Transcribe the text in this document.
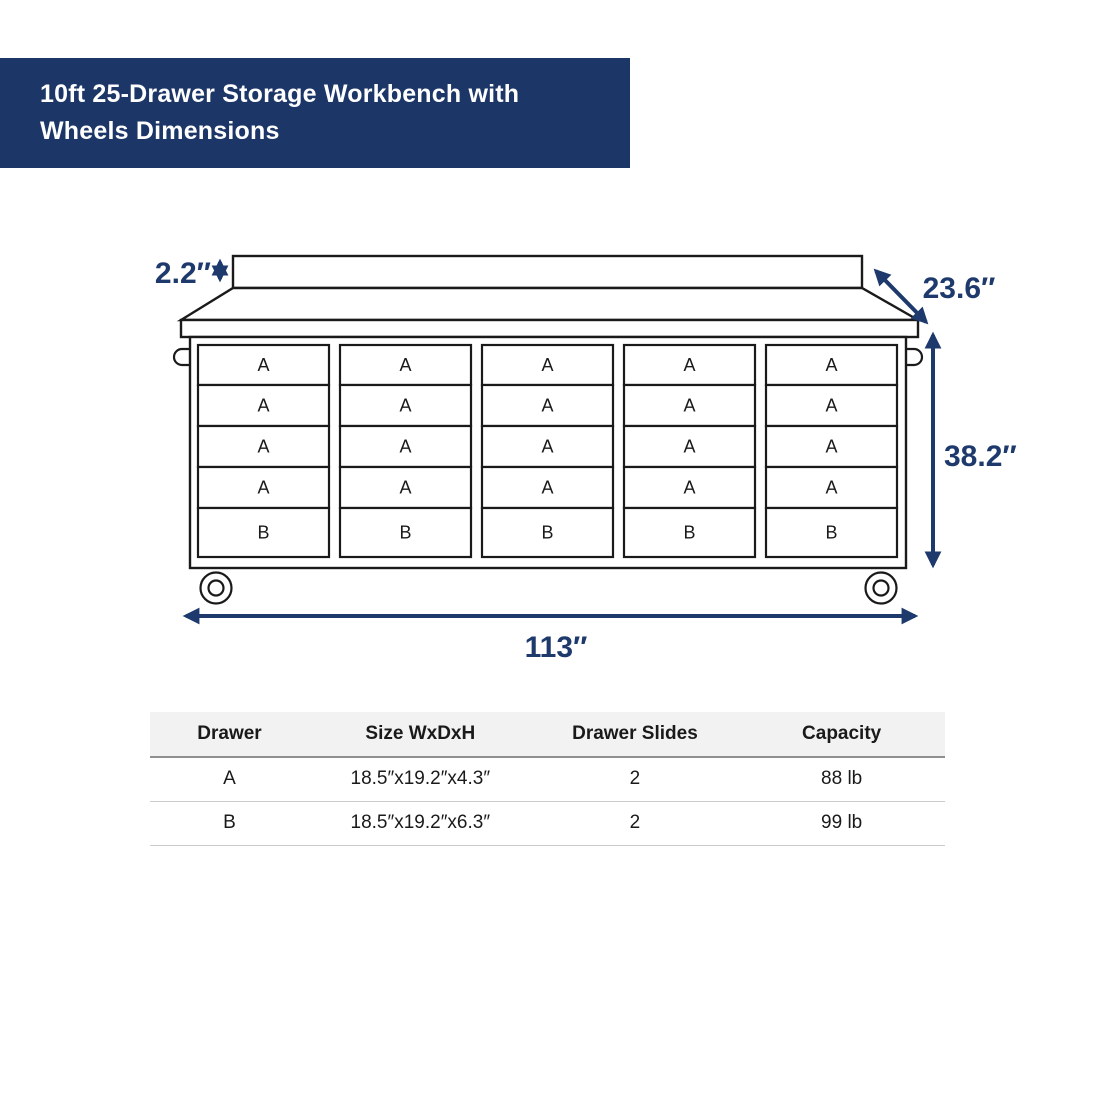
10ft 25-Drawer Storage Workbench with
Wheels Dimensions
A
A
A
A
B
A
A
A
A
B
A
A
A
A
B
A
A
A
A
B
A
A
A
A
B
2.2″	23.6″
38.2″
113″
Drawer	Size WxDxH	Drawer Slides	Capacity
A	18.5″x19.2″x4.3″	2	88 lb
B	18.5″x19.2″x6.3″	2	99 lb
